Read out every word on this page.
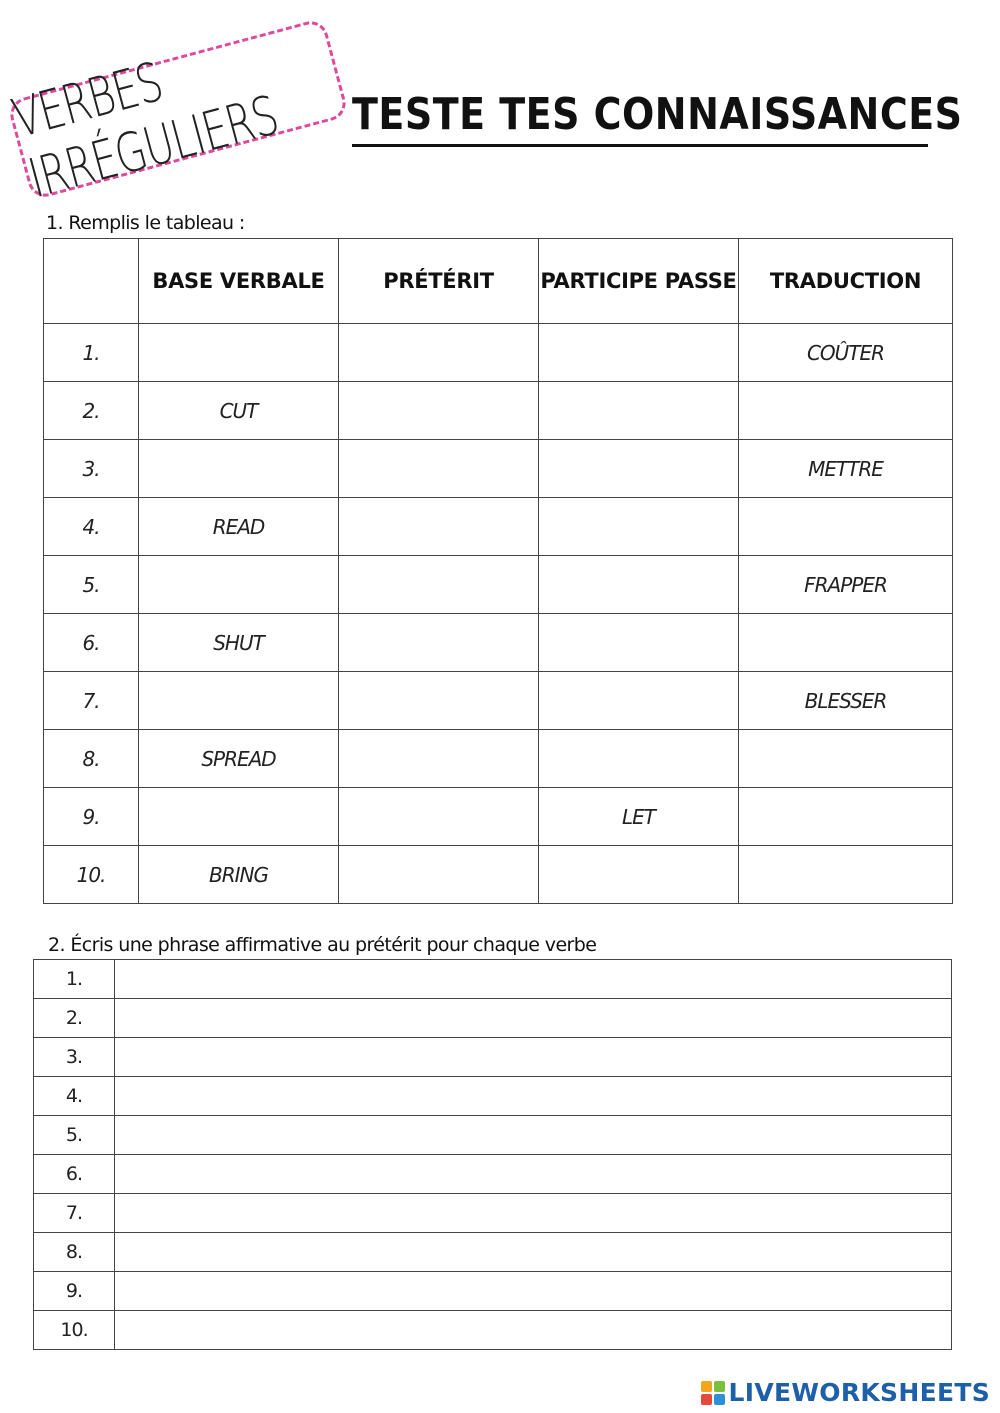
VERBES IRRÉGULIERS	TESTE TES CONNAISSANCES
1. Remplis le tableau :
	BASE VERBALE	PRÉTÉRIT	PARTICIPE PASSE	TRADUCTION
1.				COÛTER
2.	CUT			
3.				METTRE
4.	READ			
5.				FRAPPER
6.	SHUT			
7.				BLESSER
8.	SPREAD			
9.			LET	
10.	BRING			
2. Écris une phrase affirmative au prétérit pour chaque verbe
1.	
2.	
3.	
4.	
5.	
6.	
7.	
8.	
9.	
10.	
LIVEWORKSHEETS
